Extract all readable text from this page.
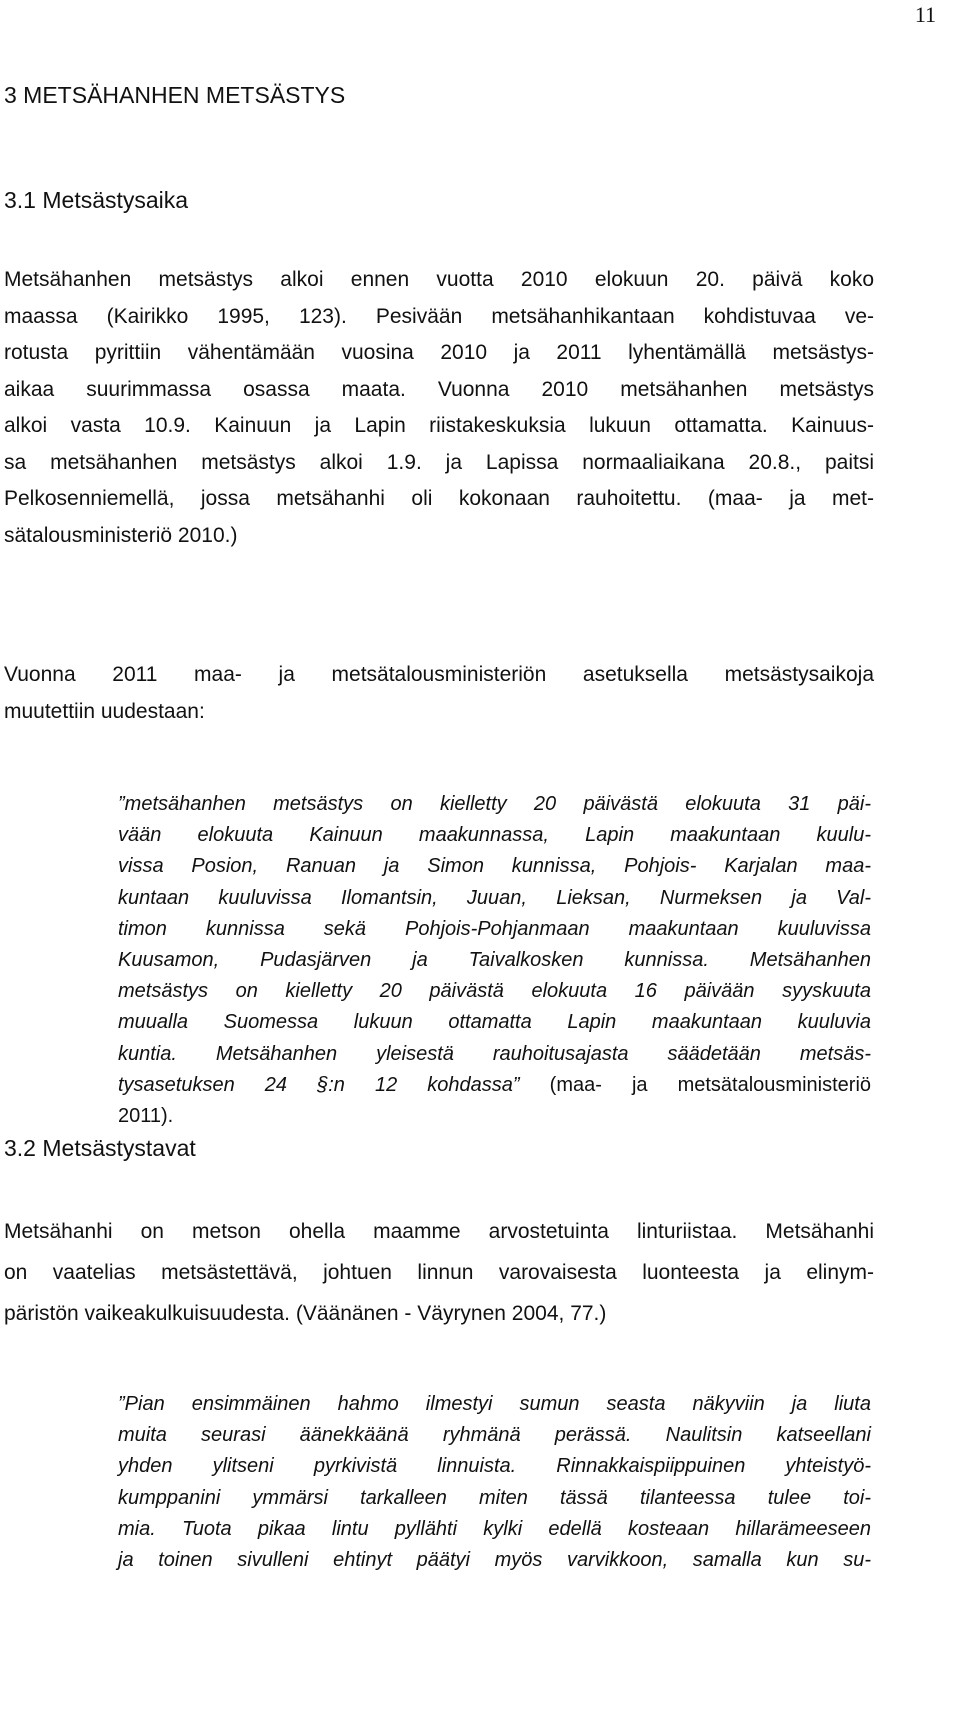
11
3 METSÄHANHEN METSÄSTYS
3.1 Metsästysaika
Metsähanhen metsästys alkoi ennen vuotta 2010 elokuun 20. päivä koko
maassa (Kairikko 1995, 123). Pesivään metsähanhikantaan kohdistuvaa ve-
rotusta pyrittiin vähentämään vuosina 2010 ja 2011 lyhentämällä metsästys-
aikaa suurimmassa osassa maata. Vuonna 2010 metsähanhen metsästys
alkoi vasta 10.9. Kainuun ja Lapin riistakeskuksia lukuun ottamatta. Kainuus-
sa metsähanhen metsästys alkoi 1.9. ja Lapissa normaaliaikana 20.8., paitsi
Pelkosenniemellä, jossa metsähanhi oli kokonaan rauhoitettu. (maa- ja met-
sätalousministeriö 2010.)
Vuonna 2011 maa- ja metsätalousministeriön asetuksella metsästysaikoja
muutettiin uudestaan:
”metsähanhen metsästys on kielletty 20 päivästä elokuuta 31 päi-
vään elokuuta Kainuun maakunnassa, Lapin maakuntaan kuulu-
vissa Posion, Ranuan ja Simon kunnissa, Pohjois- Karjalan maa-
kuntaan kuuluvissa Ilomantsin, Juuan, Lieksan, Nurmeksen ja Val-
timon kunnissa sekä Pohjois-Pohjanmaan maakuntaan kuuluvissa
Kuusamon, Pudasjärven ja Taivalkosken kunnissa. Metsähanhen
metsästys on kielletty 20 päivästä elokuuta 16 päivään syyskuuta
muualla Suomessa lukuun ottamatta Lapin maakuntaan kuuluvia
kuntia. Metsähanhen yleisestä rauhoitusajasta säädetään metsäs-
tysasetuksen 24 §:n 12 kohdassa” (maa- ja metsätalousministeriö
2011).
3.2 Metsästystavat
Metsähanhi on metson ohella maamme arvostetuinta linturiistaa. Metsähanhi
on vaatelias metsästettävä, johtuen linnun varovaisesta luonteesta ja elinym-
päristön vaikeakulkuisuudesta. (Väänänen - Väyrynen 2004, 77.)
”Pian ensimmäinen hahmo ilmestyi sumun seasta näkyviin ja liuta
muita seurasi äänekkäänä ryhmänä perässä. Naulitsin katseellani
yhden ylitseni pyrkivistä linnuista. Rinnakkaispiippuinen yhteistyö-
kumppanini ymmärsi tarkalleen miten tässä tilanteessa tulee toi-
mia. Tuota pikaa lintu pyllähti kylki edellä kosteaan hillarämeeseen
ja toinen sivulleni ehtinyt päätyi myös varvikkoon, samalla kun su-
